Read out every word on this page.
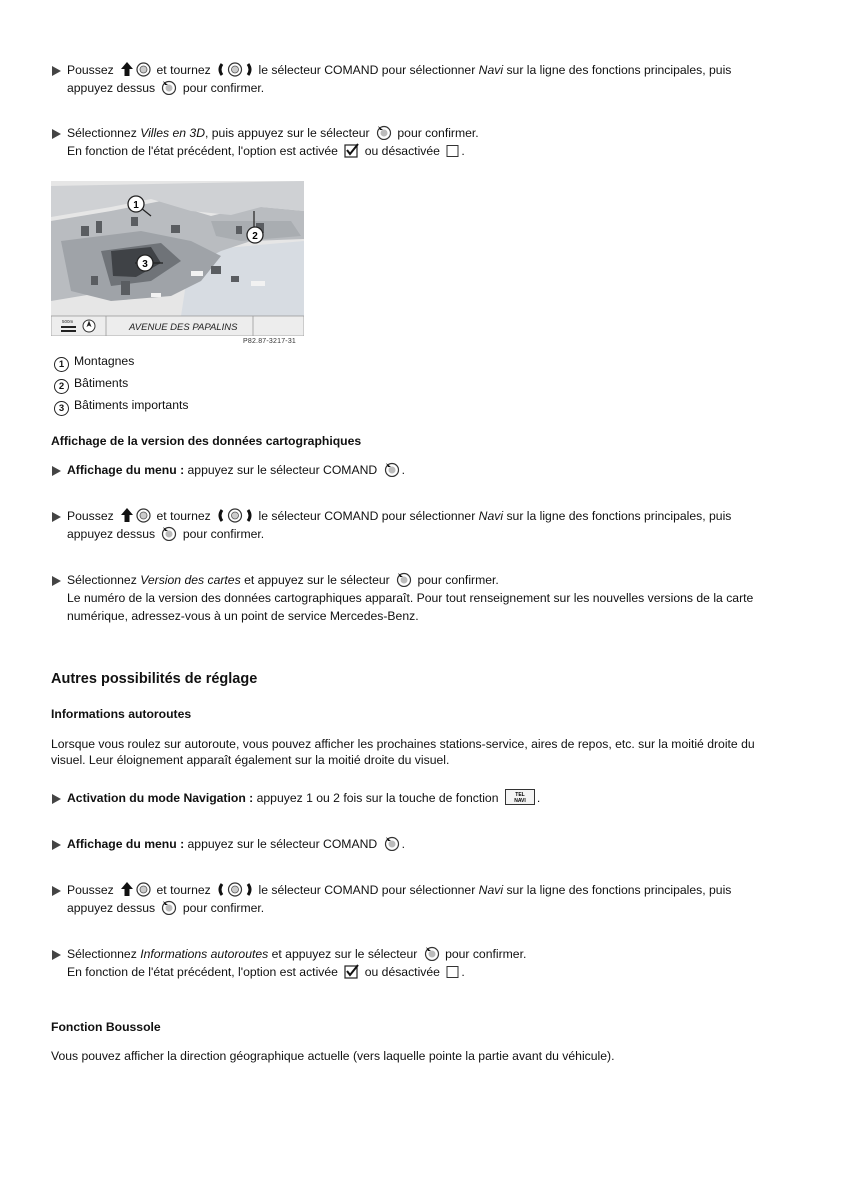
Poussez	et tournez	le sélecteur COMAND pour sélectionner Navi sur la ligne des fonctions principales, puis
appuyez dessus pour confirmer.

Sélectionnez Villes en 3D, puis appuyez sur le sélecteur pour confirmer.
En fonction de l'état précédent, l'option est activée ou désactivée .

1
2
3
500m
AVENUE DES PAPALINS
P82.87-3217-31
1 Montagnes
2 Bâtiments
3 Bâtiments importants
Affichage de la version des données cartographiques

Affichage du menu : appuyez sur le sélecteur COMAND .

Poussez	et tournez	le sélecteur COMAND pour sélectionner Navi sur la ligne des fonctions principales, puis
appuyez dessus pour confirmer.

Sélectionnez Version des cartes et appuyez sur le sélecteur pour confirmer.
Le numéro de la version des données cartographiques apparaît. Pour tout renseignement sur les nouvelles versions de la carte
numérique, adressez-vous à un point de service Mercedes-Benz.

Autres possibilités de réglage
Informations autoroutes

Lorsque vous roulez sur autoroute, vous pouvez afficher les prochaines stations-service, aires de repos, etc. sur la moitié droite du
visuel. Leur éloignement apparaît également sur la moitié droite du visuel.

Activation du mode Navigation : appuyez 1 ou 2 fois sur la touche de fonction	TEL
NAVI .

Affichage du menu : appuyez sur le sélecteur COMAND .

Poussez	et tournez	le sélecteur COMAND pour sélectionner Navi sur la ligne des fonctions principales, puis
appuyez dessus pour confirmer.

Sélectionnez Informations autoroutes et appuyez sur le sélecteur pour confirmer.
En fonction de l'état précédent, l'option est activée ou désactivée .

Fonction Boussole

Vous pouvez afficher la direction géographique actuelle (vers laquelle pointe la partie avant du véhicule).
